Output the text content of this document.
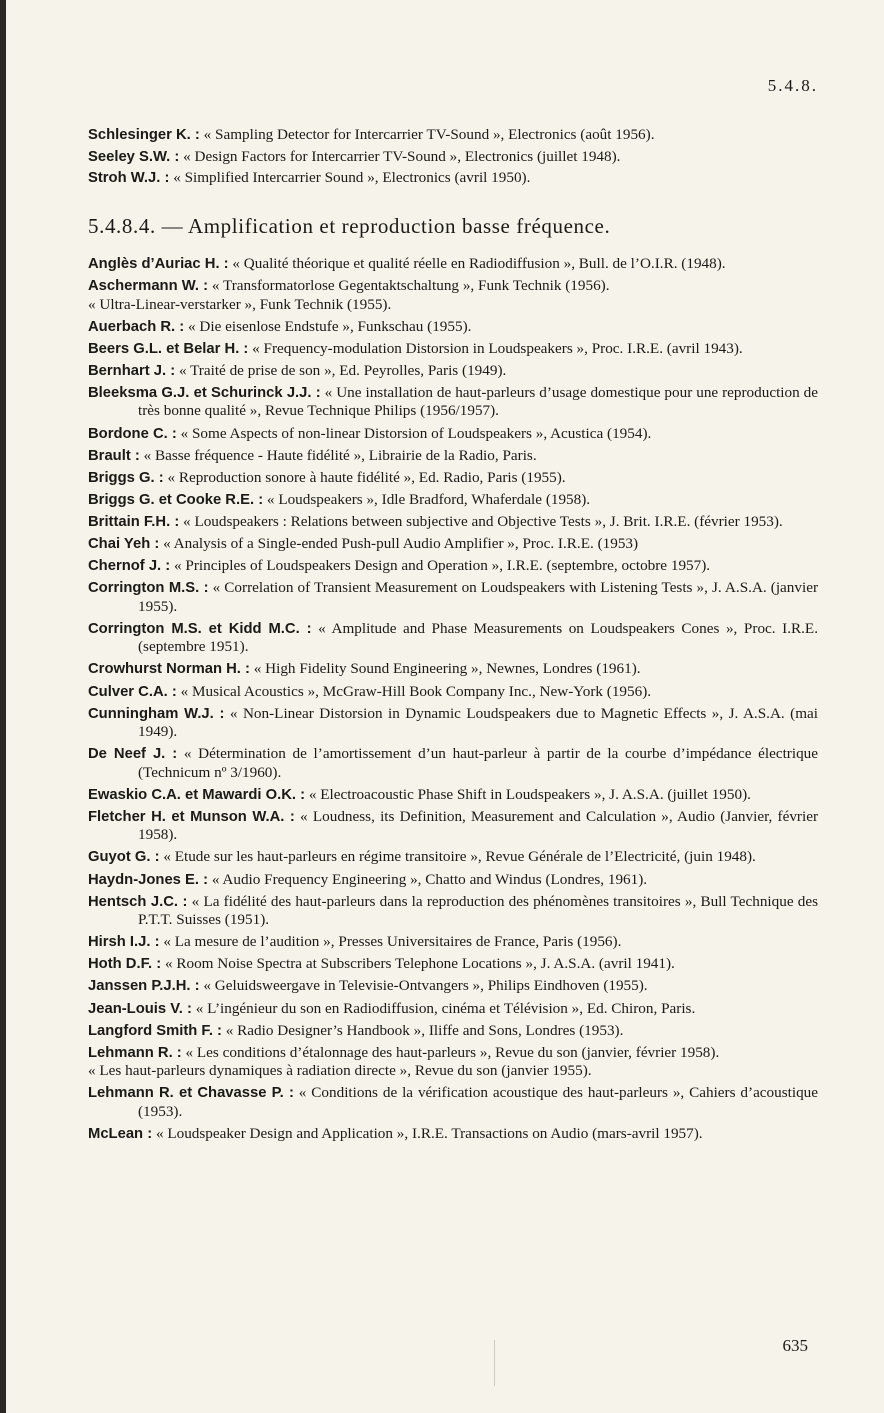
5.4.8.

Schlesinger K. : « Sampling Detector for Intercarrier TV-Sound », Electronics (août 1956).

Seeley S.W. : « Design Factors for Intercarrier TV-Sound », Electronics (juillet 1948).

Stroh W.J. : « Simplified Intercarrier Sound », Electronics (avril 1950).

5.4.8.4. — Amplification et reproduction basse fréquence.

Anglès d’Auriac H. : « Qualité théorique et qualité réelle en Radiodiffusion », Bull. de l’O.I.R. (1948).

Aschermann W. : « Transformatorlose Gegentaktschaltung », Funk Technik (1956).
« Ultra-Linear-verstarker », Funk Technik (1955).

Auerbach R. : « Die eisenlose Endstufe », Funkschau (1955).

Beers G.L. et Belar H. : « Frequency-modulation Distorsion in Loudspeakers », Proc. I.R.E. (avril 1943).

Bernhart J. : « Traité de prise de son », Ed. Peyrolles, Paris (1949).

Bleeksma G.J. et Schurinck J.J. : « Une installation de haut-parleurs d’usage domestique pour une reproduction de très bonne qualité », Revue Technique Philips (1956/1957).

Bordone C. : « Some Aspects of non-linear Distorsion of Loudspeakers », Acustica (1954).

Brault : « Basse fréquence - Haute fidélité », Librairie de la Radio, Paris.

Briggs G. : « Reproduction sonore à haute fidélité », Ed. Radio, Paris (1955).

Briggs G. et Cooke R.E. : « Loudspeakers », Idle Bradford, Whaferdale (1958).

Brittain F.H. : « Loudspeakers : Relations between subjective and Objective Tests », J. Brit. I.R.E. (février 1953).

Chai Yeh : « Analysis of a Single-ended Push-pull Audio Amplifier », Proc. I.R.E. (1953)

Chernof J. : « Principles of Loudspeakers Design and Operation », I.R.E. (septembre, octobre 1957).

Corrington M.S. : « Correlation of Transient Measurement on Loudspeakers with Listening Tests », J. A.S.A. (janvier 1955).

Corrington M.S. et Kidd M.C. : « Amplitude and Phase Measurements on Loudspeakers Cones », Proc. I.R.E. (septembre 1951).

Crowhurst Norman H. : « High Fidelity Sound Engineering », Newnes, Londres (1961).

Culver C.A. : « Musical Acoustics », McGraw-Hill Book Company Inc., New-York (1956).

Cunningham W.J. : « Non-Linear Distorsion in Dynamic Loudspeakers due to Magnetic Effects », J. A.S.A. (mai 1949).

De Neef J. : « Détermination de l’amortissement d’un haut-parleur à partir de la courbe d’impédance électrique (Technicum nº 3/1960).

Ewaskio C.A. et Mawardi O.K. : « Electroacoustic Phase Shift in Loudspeakers », J. A.S.A. (juillet 1950).

Fletcher H. et Munson W.A. : « Loudness, its Definition, Measurement and Calculation », Audio (Janvier, février 1958).

Guyot G. : « Etude sur les haut-parleurs en régime transitoire », Revue Générale de l’Electricité, (juin 1948).

Haydn-Jones E. : « Audio Frequency Engineering », Chatto and Windus (Londres, 1961).

Hentsch J.C. : « La fidélité des haut-parleurs dans la reproduction des phénomènes transitoires », Bull Technique des P.T.T. Suisses (1951).

Hirsh I.J. : « La mesure de l’audition », Presses Universitaires de France, Paris (1956).

Hoth D.F. : « Room Noise Spectra at Subscribers Telephone Locations », J. A.S.A. (avril 1941).

Janssen P.J.H. : « Geluidsweergave in Televisie-Ontvangers », Philips Eindhoven (1955).

Jean-Louis V. : « L’ingénieur du son en Radiodiffusion, cinéma et Télévision », Ed. Chiron, Paris.

Langford Smith F. : « Radio Designer’s Handbook », Iliffe and Sons, Londres (1953).

Lehmann R. : « Les conditions d’étalonnage des haut-parleurs », Revue du son (janvier, février 1958).
« Les haut-parleurs dynamiques à radiation directe », Revue du son (janvier 1955).

Lehmann R. et Chavasse P. : « Conditions de la vérification acoustique des haut-parleurs », Cahiers d’acoustique (1953).

McLean : « Loudspeaker Design and Application », I.R.E. Transactions on Audio (mars-avril 1957).

635
